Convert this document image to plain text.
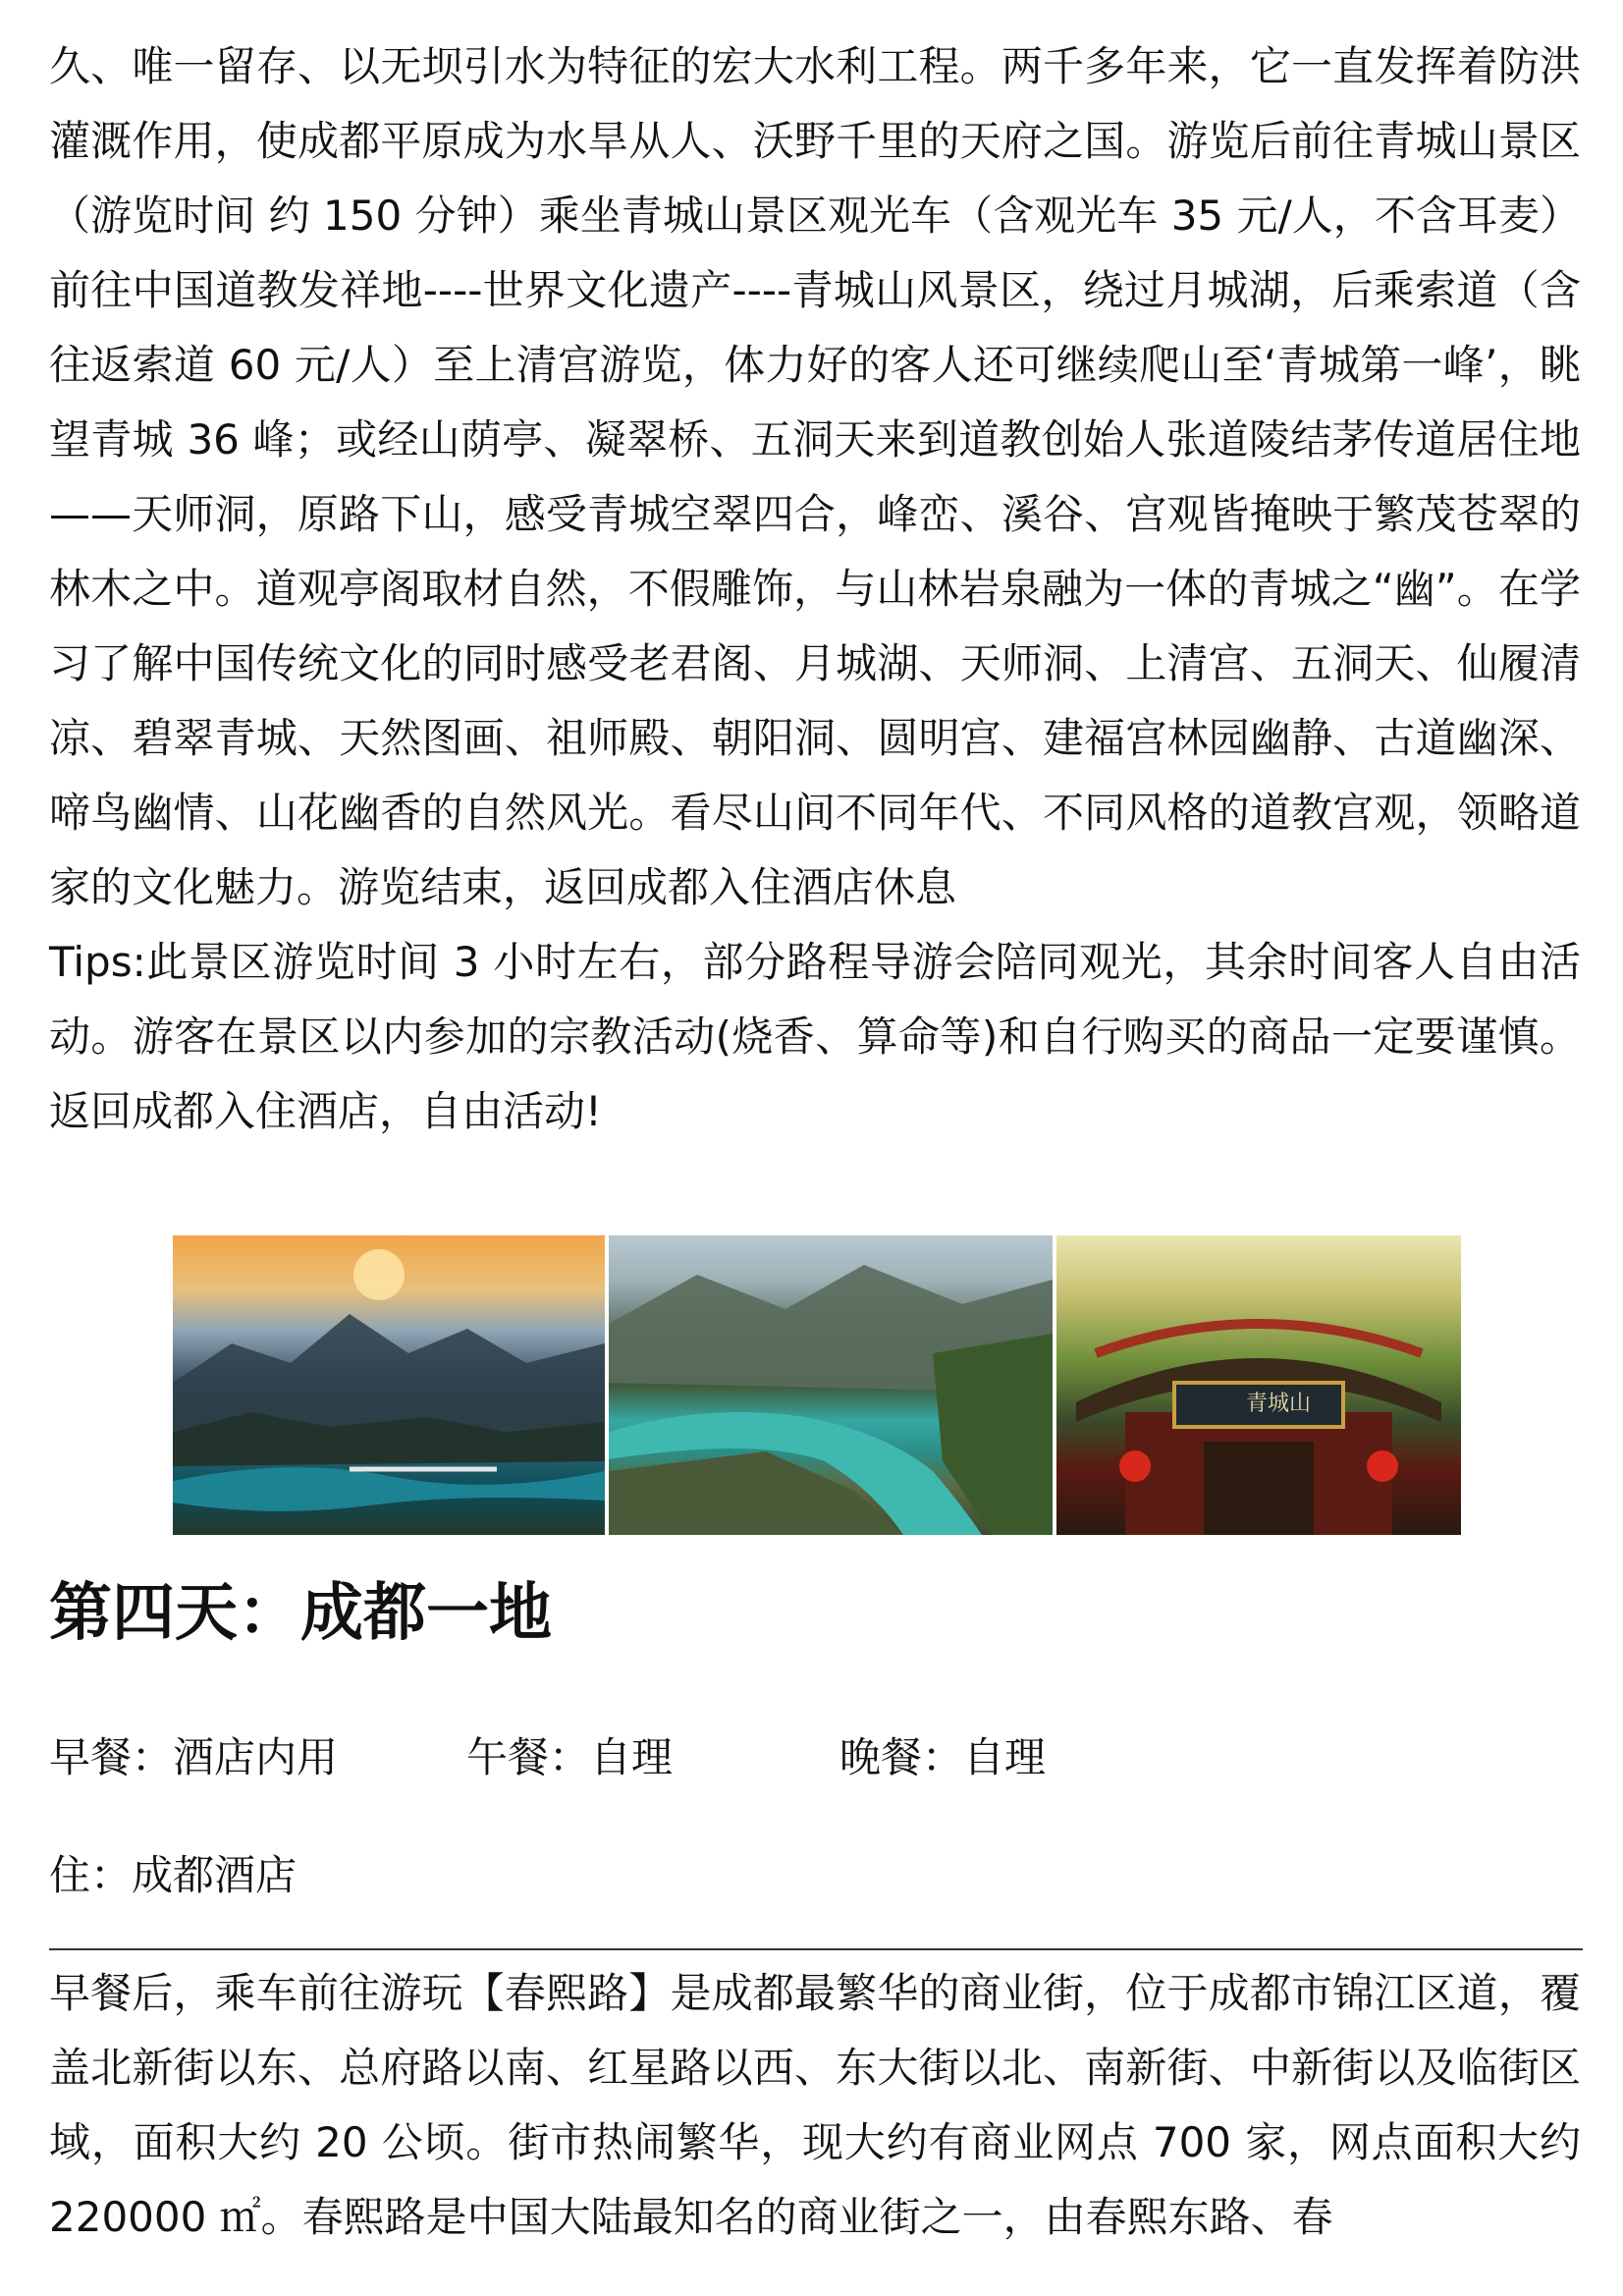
久、唯一留存、以无坝引水为特征的宏大水利工程。两千多年来，它一直发挥着防洪灌溉作用，使成都平原成为水旱从人、沃野千里的天府之国。游览后前往青城山景区（游览时间 约 150 分钟）乘坐青城山景区观光车（含观光车 35 元/人，不含耳麦）前往中国道教发祥地----世界文化遗产----青城山风景区，绕过月城湖，后乘索道（含往返索道 60 元/人）至上清宫游览，体力好的客人还可继续爬山至‘青城第一峰’，眺望青城 36 峰；或经山荫亭、凝翠桥、五洞天来到道教创始人张道陵结茅传道居住地——天师洞，原路下山，感受青城空翠四合，峰峦、溪谷、宫观皆掩映于繁茂苍翠的林木之中。道观亭阁取材自然，不假雕饰，与山林岩泉融为一体的青城之“幽”。在学习了解中国传统文化的同时感受老君阁、月城湖、天师洞、上清宫、五洞天、仙履清凉、碧翠青城、天然图画、祖师殿、朝阳洞、圆明宫、建福宫林园幽静、古道幽深、啼鸟幽情、山花幽香的自然风光。看尽山间不同年代、不同风格的道教宫观，领略道家的文化魅力。游览结束，返回成都入住酒店休息
Tips:此景区游览时间 3 小时左右，部分路程导游会陪同观光，其余时间客人自由活动。游客在景区以内参加的宗教活动(烧香、算命等)和自行购买的商品一定要谨慎。返回成都入住酒店，自由活动!
青城山
第四天：成都一地
早餐：酒店内用	午餐：自理	晚餐：自理
住：成都酒店
早餐后，乘车前往游玩【春熙路】是成都最繁华的商业街，位于成都市锦江区道，覆盖北新街以东、总府路以南、红星路以西、东大街以北、南新街、中新街以及临街区域，面积大约 20 公顷。街市热闹繁华，现大约有商业网点 700 家，网点面积大约 220000 ㎡。春熙路是中国大陆最知名的商业街之一，由春熙东路、春
